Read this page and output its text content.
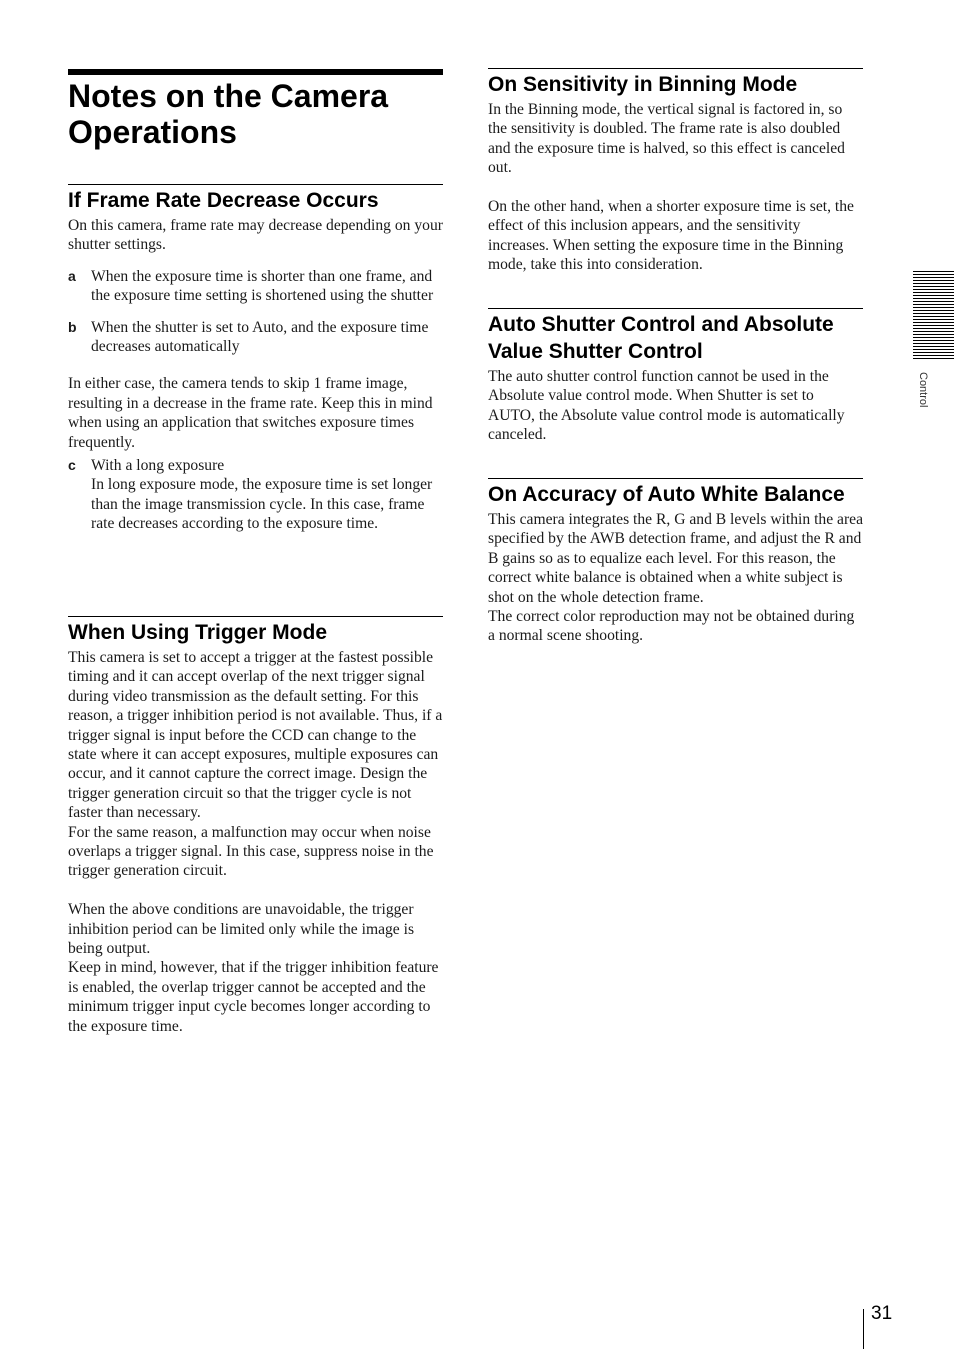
Notes on the Camera Operations
If Frame Rate Decrease Occurs

On this camera, frame rate may decrease depending on your shutter settings.

a When the exposure time is shorter than one frame, and the exposure time setting is shortened using the shutter
b When the shutter is set to Auto, and the exposure time decreases automatically

In either case, the camera tends to skip 1 frame image, resulting in a decrease in the frame rate. Keep this in mind when using an application that switches exposure times frequently.

c With a long exposure
In long exposure mode, the exposure time is set longer than the image transmission cycle. In this case, frame rate decreases according to the exposure time.
When Using Trigger Mode

This camera is set to accept a trigger at the fastest possible timing and it can accept overlap of the next trigger signal during video transmission as the default setting. For this reason, a trigger inhibition period is not available. Thus, if a trigger signal is input before the CCD can change to the state where it can accept exposures, multiple exposures can occur, and it cannot capture the correct image. Design the trigger generation circuit so that the trigger cycle is not faster than necessary.

For the same reason, a malfunction may occur when noise overlaps a trigger signal. In this case, suppress noise in the trigger generation circuit.

When the above conditions are unavoidable, the trigger inhibition period can be limited only while the image is being output.

Keep in mind, however, that if the trigger inhibition feature is enabled, the overlap trigger cannot be accepted and the minimum trigger input cycle becomes longer according to the exposure time.

On Sensitivity in Binning Mode

In the Binning mode, the vertical signal is factored in, so the sensitivity is doubled. The frame rate is also doubled and the exposure time is halved, so this effect is canceled out.

On the other hand, when a shorter exposure time is set, the effect of this inclusion appears, and the sensitivity increases. When setting the exposure time in the Binning mode, take this into consideration.

Auto Shutter Control and Absolute Value Shutter Control

The auto shutter control function cannot be used in the Absolute value control mode. When Shutter is set to AUTO, the Absolute value control mode is automatically canceled.

On Accuracy of Auto White Balance

This camera integrates the R, G and B levels within the area specified by the AWB detection frame, and adjust the R and B gains so as to equalize each level. For this reason, the correct white balance is obtained when a white subject is shot on the whole detection frame.

The correct color reproduction may not be obtained during a normal scene shooting.

Control
31
